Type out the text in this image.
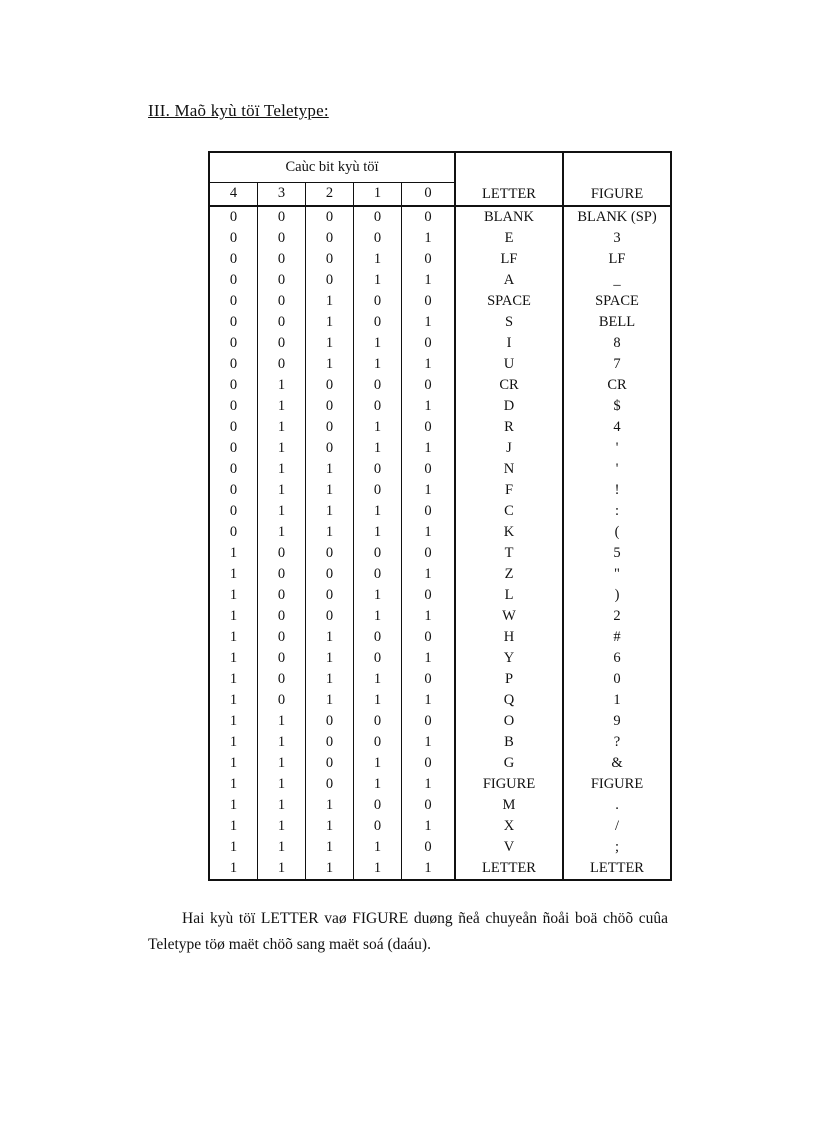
III. Maõ kyù töï Teletype:
Caùc bit kyù töï					LETTER	FIGURE
4	3	2	1	0		
0	0	0	0	0	BLANK	BLANK (SP)
0	0	0	0	1	E	3
0	0	0	1	0	LF	LF
0	0	0	1	1	A	_
0	0	1	0	0	SPACE	SPACE
0	0	1	0	1	S	BELL
0	0	1	1	0	I	8
0	0	1	1	1	U	7
0	1	0	0	0	CR	CR
0	1	0	0	1	D	$
0	1	0	1	0	R	4
0	1	0	1	1	J	'
0	1	1	0	0	N	'
0	1	1	0	1	F	!
0	1	1	1	0	C	:
0	1	1	1	1	K	(
1	0	0	0	0	T	5
1	0	0	0	1	Z	"
1	0	0	1	0	L	)
1	0	0	1	1	W	2
1	0	1	0	0	H	#
1	0	1	0	1	Y	6
1	0	1	1	0	P	0
1	0	1	1	1	Q	1
1	1	0	0	0	O	9
1	1	0	0	1	B	?
1	1	0	1	0	G	&
1	1	0	1	1	FIGURE	FIGURE
1	1	1	0	0	M	.
1	1	1	0	1	X	/
1	1	1	1	0	V	;
1	1	1	1	1	LETTER	LETTER
Hai kyù töï LETTER vaø FIGURE duøng ñeå chuyeån ñoåi boä chöõ cuûa Teletype töø maët chöõ sang maët soá (daáu).
